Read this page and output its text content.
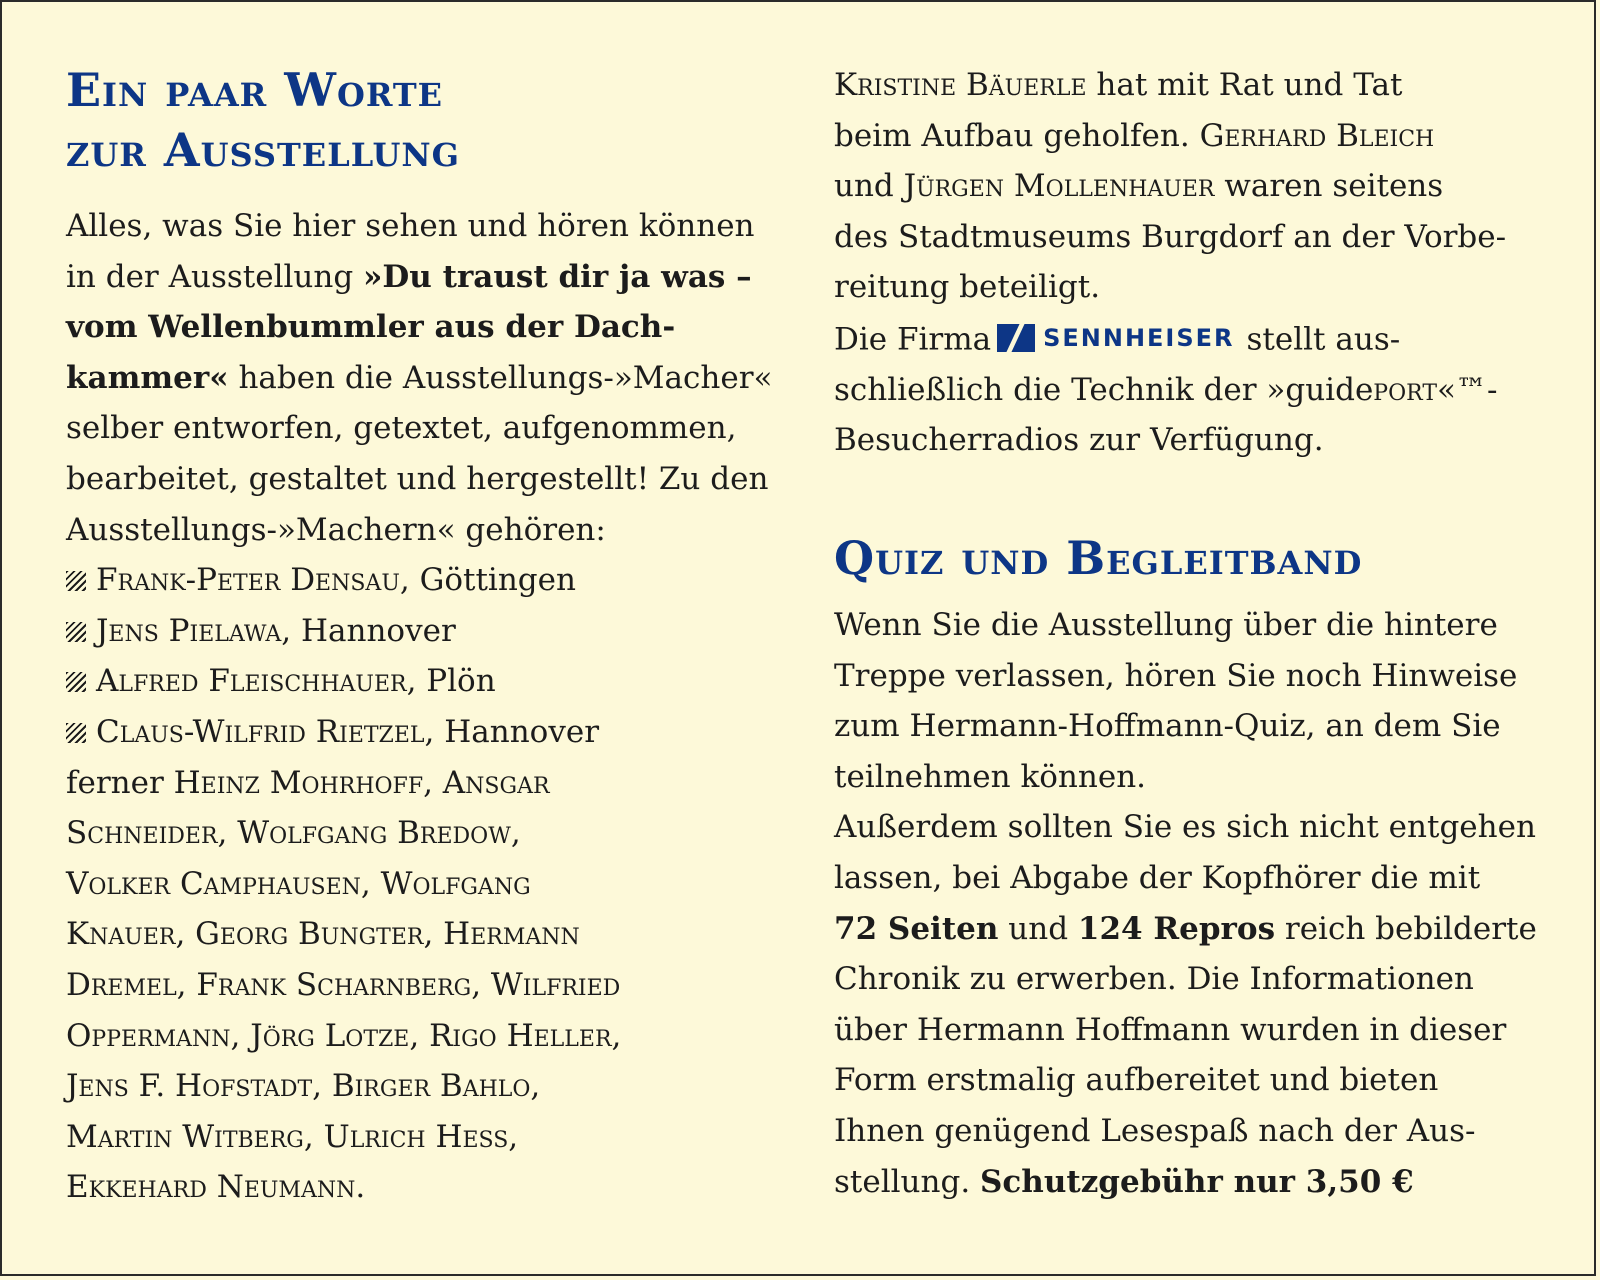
Ein paar Worte
zur Ausstellung
Alles, was Sie hier sehen und hören können
in der Ausstellung »Du traust dir ja was –
vom Wellenbummler aus der Dach-
kammer« haben die Ausstellungs-»Macher«
selber entworfen, getextet, aufgenommen,
bearbeitet, gestaltet und hergestellt! Zu den
Ausstellungs-»Machern« gehören:
Frank-Peter Densau, Göttingen
Jens Pielawa, Hannover
Alfred Fleischhauer, Plön
Claus-Wilfrid Rietzel, Hannover
ferner Heinz Mohrhoff, Ansgar
Schneider, Wolfgang Bredow,
Volker Camphausen, Wolfgang
Knauer, Georg Bungter, Hermann
Dremel, Frank Scharnberg, Wilfried
Oppermann, Jörg Lotze, Rigo Heller,
Jens F. Hofstadt, Birger Bahlo,
Martin Witberg, Ulrich Hess,
Ekkehard Neumann.
Kristine Bäuerle hat mit Rat und Tat
beim Aufbau geholfen. Gerhard Bleich
und Jürgen Mollenhauer waren seitens
des Stadtmuseums Burgdorf an der Vorbe-
reitung beteiligt.
Die Firma SENNHEISER stellt aus-
schließlich die Technik der »guideport«™-
Besucherradios zur Verfügung.
Quiz und Begleitband
Wenn Sie die Ausstellung über die hintere
Treppe verlassen, hören Sie noch Hinweise
zum Hermann-Hoffmann-Quiz, an dem Sie
teilnehmen können.
Außerdem sollten Sie es sich nicht entgehen
lassen, bei Abgabe der Kopfhörer die mit
72 Seiten und 124 Repros reich bebilderte
Chronik zu erwerben. Die Informationen
über Hermann Hoffmann wurden in dieser
Form erstmalig aufbereitet und bieten
Ihnen genügend Lesespaß nach der Aus-
stellung. Schutzgebühr nur 3,50 €
